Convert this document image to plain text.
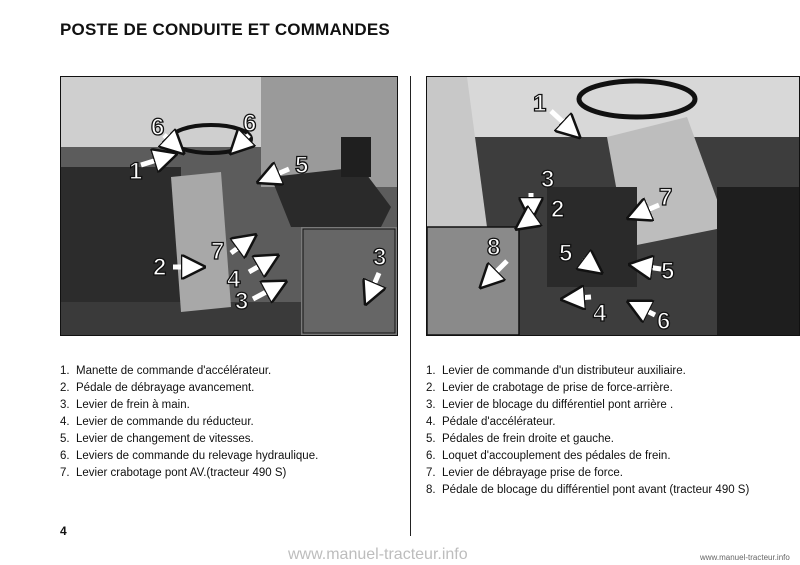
POSTE DE CONDUITE ET COMMANDES
6	6
1	5
2
7
4
3
3
1
3
2	7
5
8
5
4 6
1. Manette de commande d'accélérateur.
2. Pédale de débrayage avancement.
3. Levier de frein à main.
4. Levier de commande du réducteur.
5. Levier de changement de vitesses.
6. Leviers de commande du relevage hydraulique.
7. Levier crabotage pont AV.(tracteur 490 S)
1. Levier de commande d'un distributeur auxiliaire.
2. Levier de crabotage de prise de force-arrière.
3. Levier de blocage du différentiel pont arrière .
4. Pédale d'accélérateur.
5. Pédales de frein droite et gauche.
6. Loquet d'accouplement des pédales de frein.
7. Levier de débrayage prise de force.
8. Pédale de blocage du différentiel pont avant (tracteur 490 S)
4
www.manuel-tracteur.info	www.manuel-tracteur.info
